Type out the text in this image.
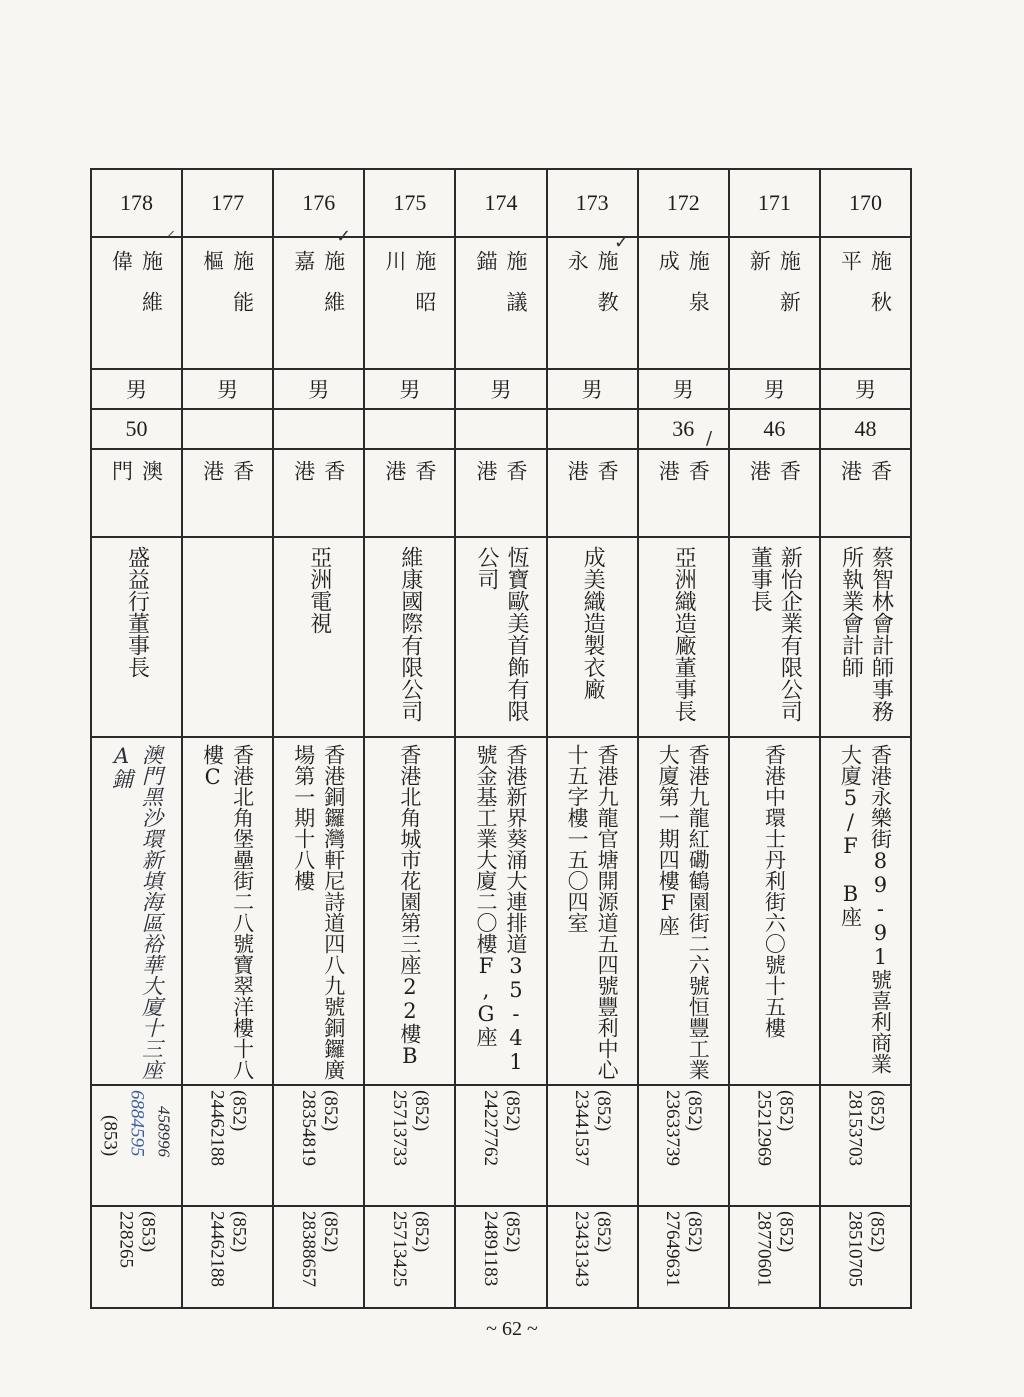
178	177	176	175	174	173	172	171	170
施維偉	施能樞	施維嘉	施昭川	施議錨	施教永	施泉成	施新新	施秋平
男	男	男	男	男	男	男	男	男
50						36	46	48
澳門	香港	香港	香港	香港	香港	香港	香港	香港
盛益行董事長		亞洲電視	維康國際有限公司	恆寶歐美首飾有限公司	成美織造製衣廠	亞洲織造廠董事長	新怡企業有限公司董事長	蔡智林會計師事務所執業會計師
澳門黑沙環新填海區裕華大廈十三座A鋪	香港北角堡壘街二八號寶翠洋樓十八樓C	香港銅鑼灣軒尼詩道四八九號銅鑼廣場第一期十八樓	香港北角城市花園第三座22樓B	香港新界葵涌大連排道35-41號金基工業大廈二〇樓F,G座	香港九龍官塘開源道五四號豐利中心十五字樓一五〇四室	香港九龍紅磡鶴園街二六號恒豐工業大廈第一期四樓F座	香港中環士丹利街六〇號十五樓	香港永樂街89-91號喜利商業大廈5/F B座
(853) 6884595 458996	(852) 24462188	(852) 28354819	(852) 25713733	(852) 24227762	(852) 23441537	(852) 23633739	(852) 25212969	(852) 28153703
(853) 228265	(852) 24462188	(852) 28388657	(852) 25713425	(852) 24891183	(852) 23431343	(852) 27649631	(852) 28770601	(852) 28510705
⸝	✓	✓
/
~ 62 ~
